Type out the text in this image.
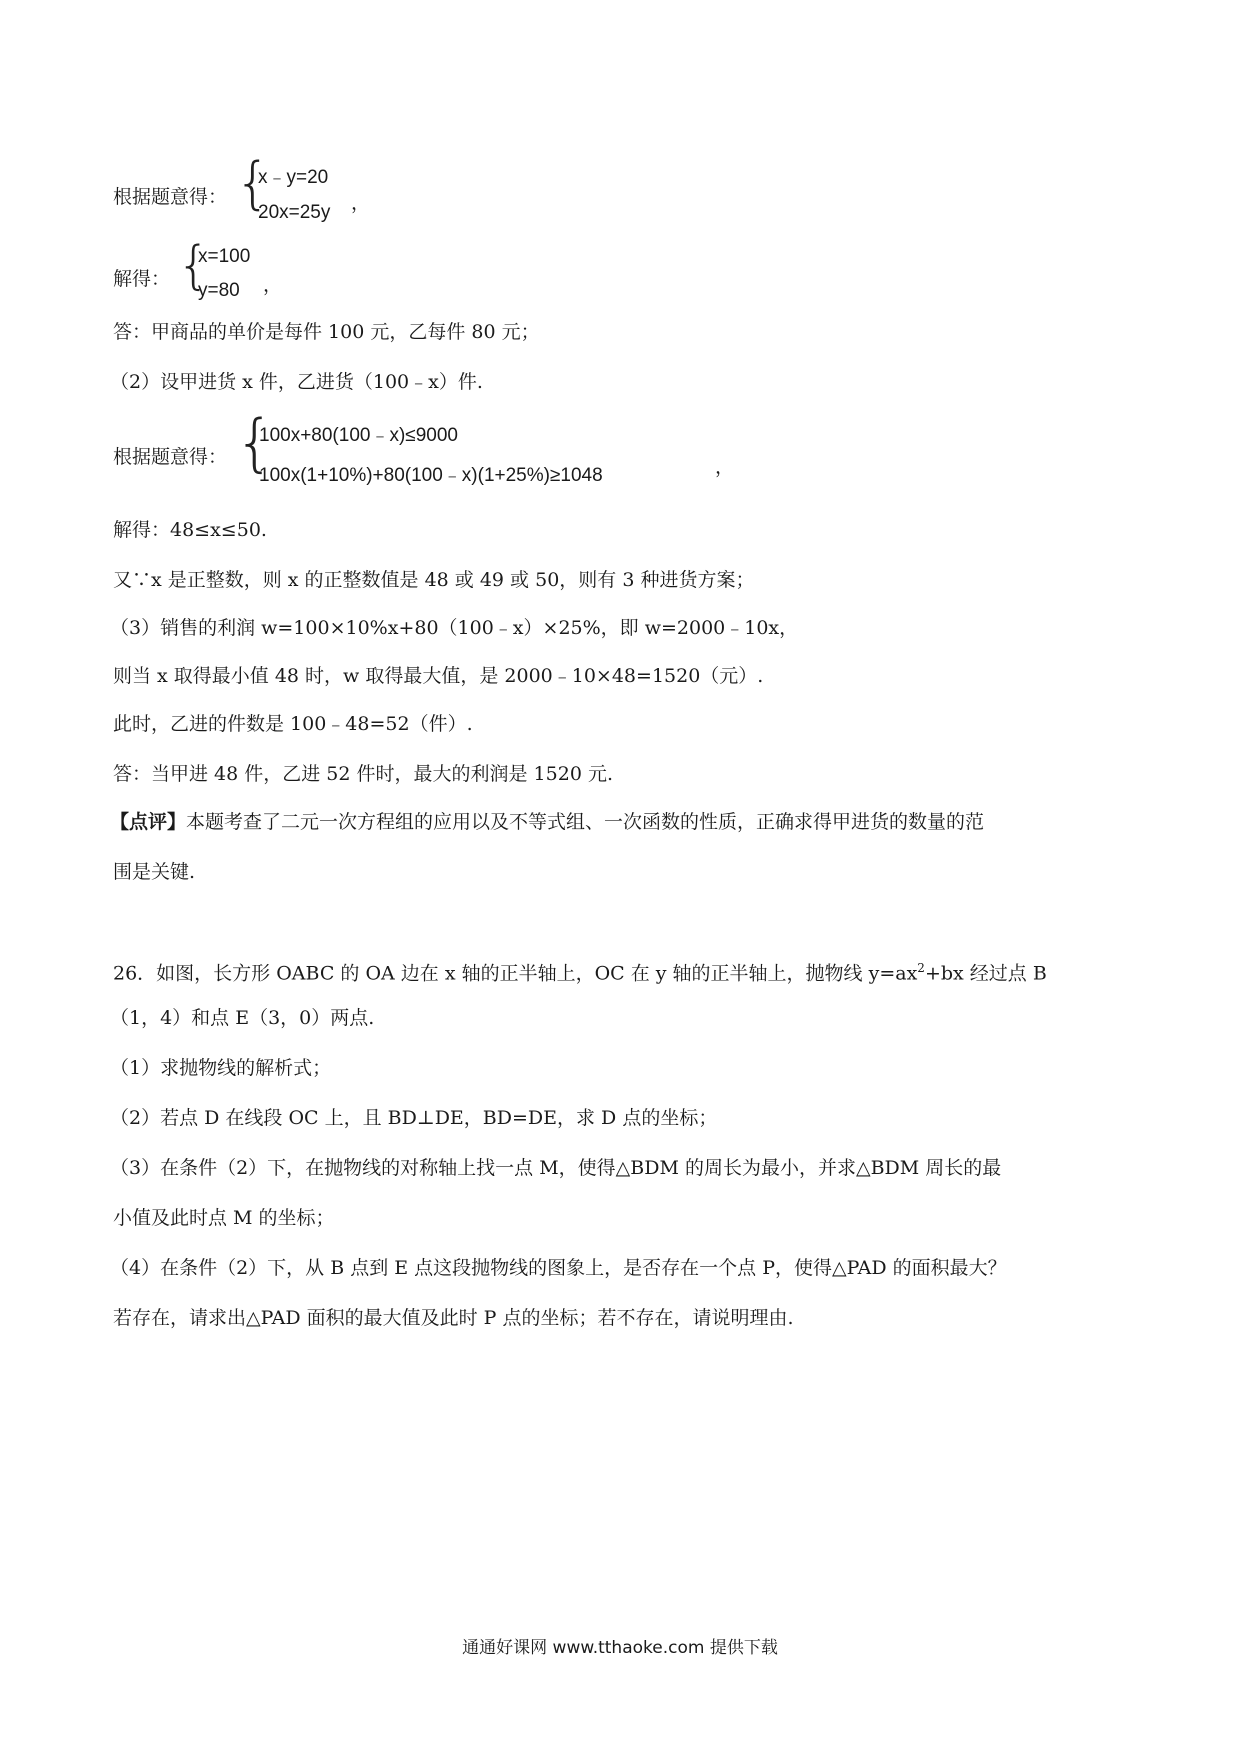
根据题意得： {
x﹣y=20
20x=25y ，
解得： {
x=100
y=80 ，
答：甲商品的单价是每件 100 元，乙每件 80 元；
（2）设甲进货 x 件，乙进货（100﹣x）件.
根据题意得： {
100x+80(100﹣x)≤9000
100x(1+10%)+80(100﹣x)(1+25%)≥1048	，
解得：48≤x≤50.
又∵x 是正整数，则 x 的正整数值是 48 或 49 或 50，则有 3 种进货方案；
（3）销售的利润 w=100×10%x+80（100﹣x）×25%，即 w=2000﹣10x，
则当 x 取得最小值 48 时，w 取得最大值，是 2000﹣10×48=1520（元）.
此时，乙进的件数是 100﹣48=52（件）.
答：当甲进 48 件，乙进 52 件时，最大的利润是 1520 元.
【点评】本题考查了二元一次方程组的应用以及不等式组、一次函数的性质，正确求得甲进货的数量的范
围是关键.
26．如图，长方形 OABC 的 OA 边在 x 轴的正半轴上，OC 在 y 轴的正半轴上，抛物线 $y=ax^2+bx$ 经过点 B
（1，4）和点 E（3，0）两点.
（1）求抛物线的解析式；
（2）若点 D 在线段 OC 上，且 BD⊥DE，BD=DE，求 D 点的坐标；
（3）在条件（2）下，在抛物线的对称轴上找一点 M，使得△BDM 的周长为最小，并求△BDM 周长的最
小值及此时点 M 的坐标；
（4）在条件（2）下，从 B 点到 E 点这段抛物线的图象上，是否存在一个点 P，使得△PAD 的面积最大？
若存在，请求出△PAD 面积的最大值及此时 P 点的坐标；若不存在，请说明理由.
通通好课网 www.tthaoke.com 提供下载
